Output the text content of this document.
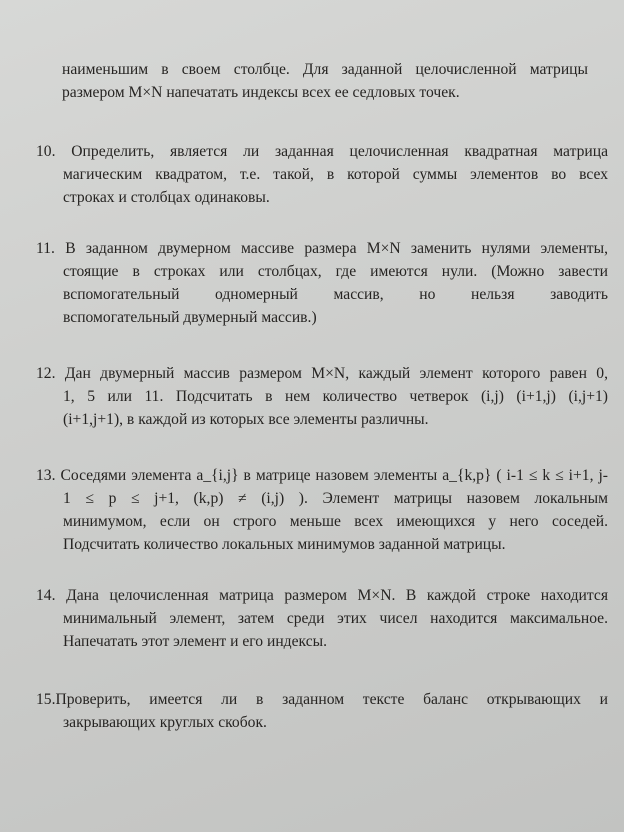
наименьшим в своем столбце. Для заданной целочисленной матрицы
размером M×N напечатать индексы всех ее седловых точек.
10. Определить, является ли заданная целочисленная квадратная матрица
магическим квадратом, т.е. такой, в которой суммы элементов во всех
строках и столбцах одинаковы.
11. В заданном двумерном массиве размера M×N заменить нулями элементы,
стоящие в строках или столбцах, где имеются нули. (Можно завести
вспомогательный одномерный массив, но нельзя заводить
вспомогательный двумерный массив.)
12. Дан двумерный массив размером M×N, каждый элемент которого равен 0,
1, 5 или 11. Подсчитать в нем количество четверок (i,j) (i+1,j) (i,j+1)
(i+1,j+1), в каждой из которых все элементы различны.
13. Соседями элемента a_{i,j} в матрице назовем элементы a_{k,p} ( i-1 ≤ k ≤ i+1, j-
1 ≤ p ≤ j+1, (k,p) ≠ (i,j) ). Элемент матрицы назовем локальным
минимумом, если он строго меньше всех имеющихся у него соседей.
Подсчитать количество локальных минимумов заданной матрицы.
14. Дана целочисленная матрица размером M×N. В каждой строке находится
минимальный элемент, затем среди этих чисел находится максимальное.
Напечатать этот элемент и его индексы.
15.Проверить, имеется ли в заданном тексте баланс открывающих и
закрывающих круглых скобок.
